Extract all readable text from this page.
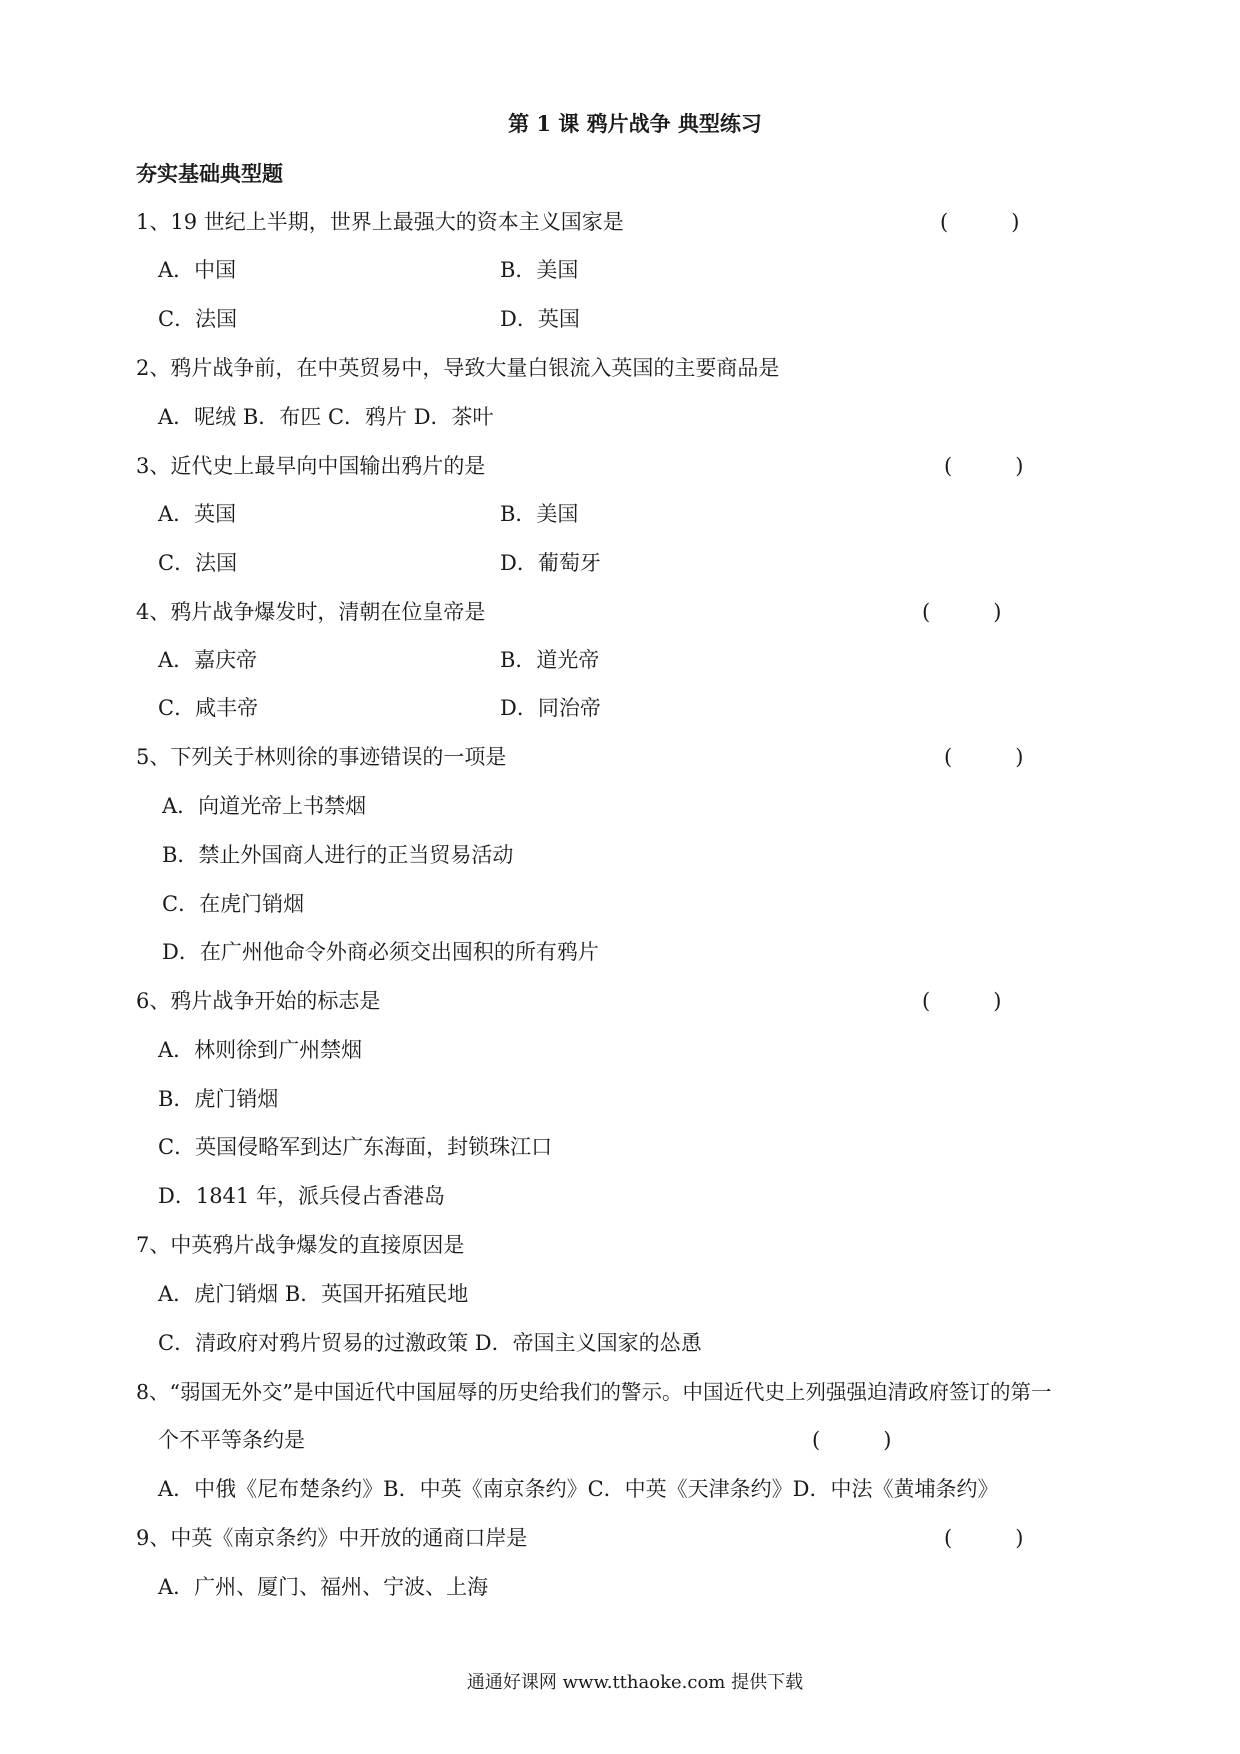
第 1 课 鸦片战争 典型练习
夯实基础典型题
1、19 世纪上半期，世界上最强大的资本主义国家是	(　　　)
A．中国	B．美国
C．法国	D．英国
2、鸦片战争前，在中英贸易中，导致大量白银流入英国的主要商品是
A．呢绒 B．布匹 C．鸦片 D．茶叶
3、近代史上最早向中国输出鸦片的是	(　　　)
A．英国	B．美国
C．法国	D．葡萄牙
4、鸦片战争爆发时，清朝在位皇帝是	(　　　)
A．嘉庆帝	B．道光帝
C．咸丰帝	D．同治帝
5、下列关于林则徐的事迹错误的一项是	(　　　)
A．向道光帝上书禁烟
B．禁止外国商人进行的正当贸易活动
C．在虎门销烟
D．在广州他命令外商必须交出囤积的所有鸦片
6、鸦片战争开始的标志是	(　　　)
A．林则徐到广州禁烟
B．虎门销烟
C．英国侵略军到达广东海面，封锁珠江口
D．1841 年，派兵侵占香港岛
7、中英鸦片战争爆发的直接原因是
A．虎门销烟 B．英国开拓殖民地
C．清政府对鸦片贸易的过激政策 D．帝国主义国家的怂恿
8、“弱国无外交”是中国近代中国屈辱的历史给我们的警示。中国近代史上列强强迫清政府签订的第一
个不平等条约是	(　　　)
A．中俄《尼布楚条约》B．中英《南京条约》C．中英《天津条约》D．中法《黄埔条约》
9、中英《南京条约》中开放的通商口岸是	(　　　)
A．广州、厦门、福州、宁波、上海
通通好课网 www.tthaoke.com 提供下载
